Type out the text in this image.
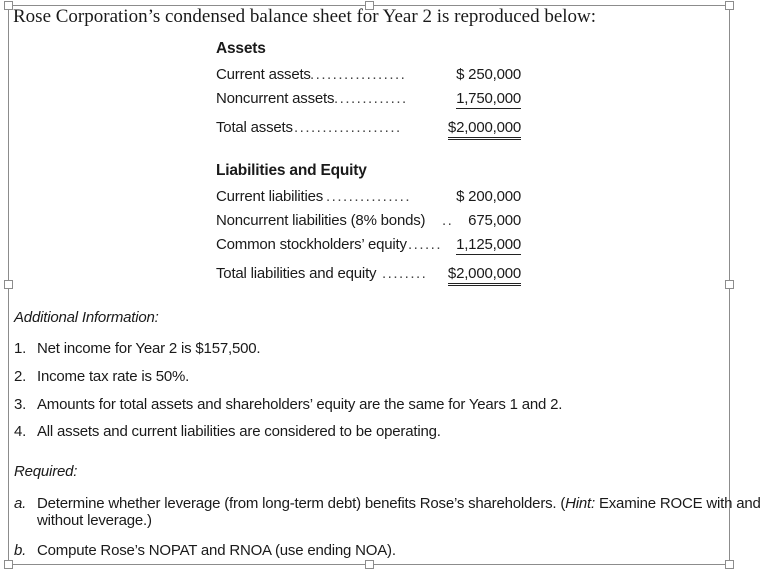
Rose Corporation’s condensed balance sheet for Year 2 is reproduced below:
Assets
Current assets .................	$ 250,000
Noncurrent assets .............	1,750,000
Total assets ...................	$2,000,000
Liabilities and Equity
Current liabilities ...............	$ 200,000
Noncurrent liabilities (8% bonds) .. 675,000
Common stockholders’ equity ...... 1,125,000
Total liabilities and equity ........ $2,000,000
Additional Information:
1. Net income for Year 2 is $157,500.
2. Income tax rate is 50%.
3. Amounts for total assets and shareholders’ equity are the same for Years 1 and 2.
4. All assets and current liabilities are considered to be operating.
Required:
a. Determine whether leverage (from long-term debt) benefits Rose’s shareholders. (Hint: Examine ROCE with and
without leverage.)
b. Compute Rose’s NOPAT and RNOA (use ending NOA).
